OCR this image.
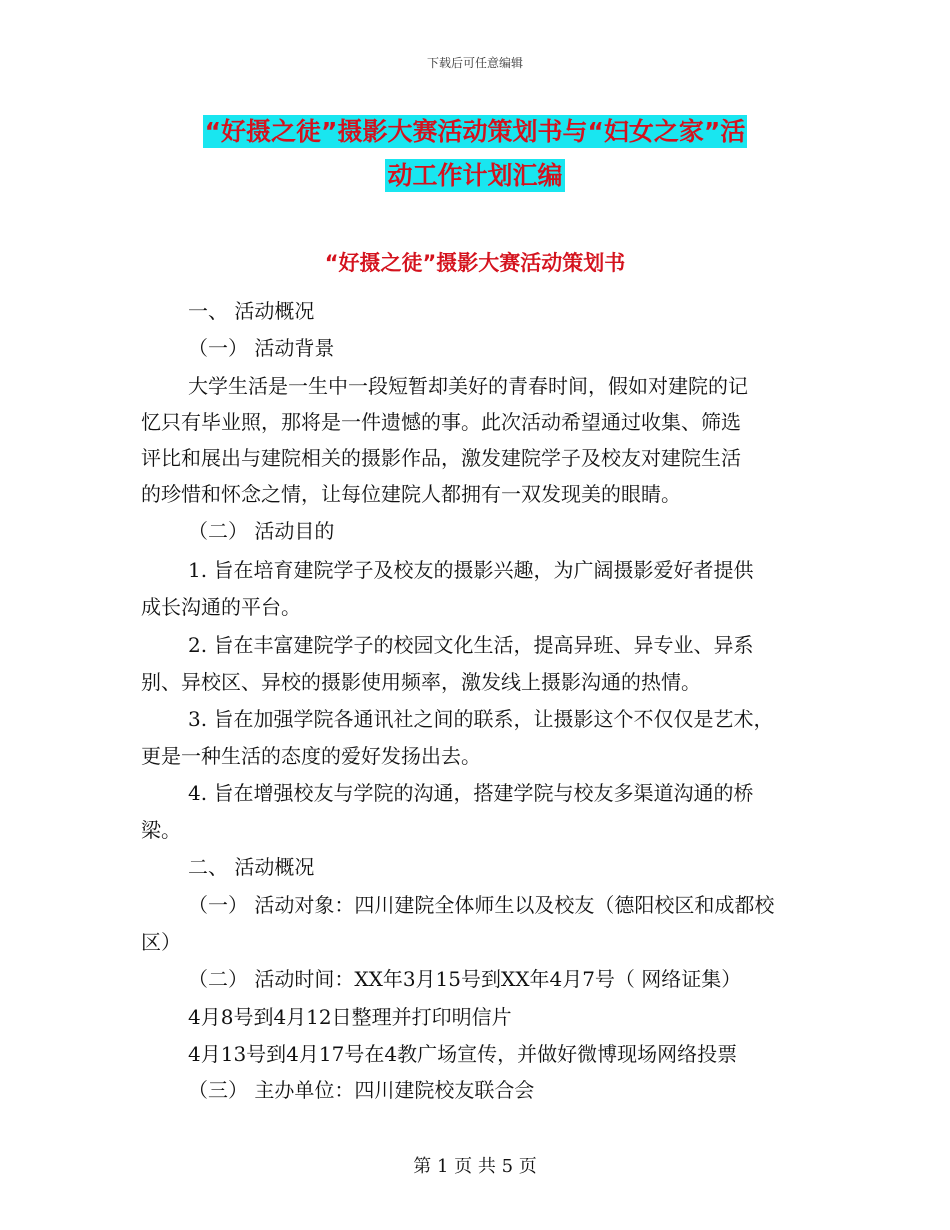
下载后可任意编辑
“好摄之徒”摄影大赛活动策划书与“妇女之家”活
动工作计划汇编
“好摄之徒”摄影大赛活动策划书
一、 活动概况
（一） 活动背景
大学生活是一生中一段短暂却美好的青春时间，假如对建院的记
忆只有毕业照，那将是一件遗憾的事。此次活动希望通过收集、筛选
评比和展出与建院相关的摄影作品，激发建院学子及校友对建院生活
的珍惜和怀念之情，让每位建院人都拥有一双发现美的眼睛。
（二） 活动目的
1. 旨在培育建院学子及校友的摄影兴趣，为广阔摄影爱好者提供
成长沟通的平台。
2. 旨在丰富建院学子的校园文化生活，提高异班、异专业、异系
别、异校区、异校的摄影使用频率，激发线上摄影沟通的热情。
3. 旨在加强学院各通讯社之间的联系，让摄影这个不仅仅是艺术，
更是一种生活的态度的爱好发扬出去。
4. 旨在增强校友与学院的沟通，搭建学院与校友多渠道沟通的桥
梁。
二、 活动概况
（一） 活动对象：四川建院全体师生以及校友（德阳校区和成都校
区）
（二） 活动时间：XX年3月15号到XX年4月7号（ 网络证集）
4月8号到4月12日整理并打印明信片
4月13号到4月17号在4教广场宣传，并做好微博现场网络投票
（三） 主办单位：四川建院校友联合会
第 1 页 共 5 页
